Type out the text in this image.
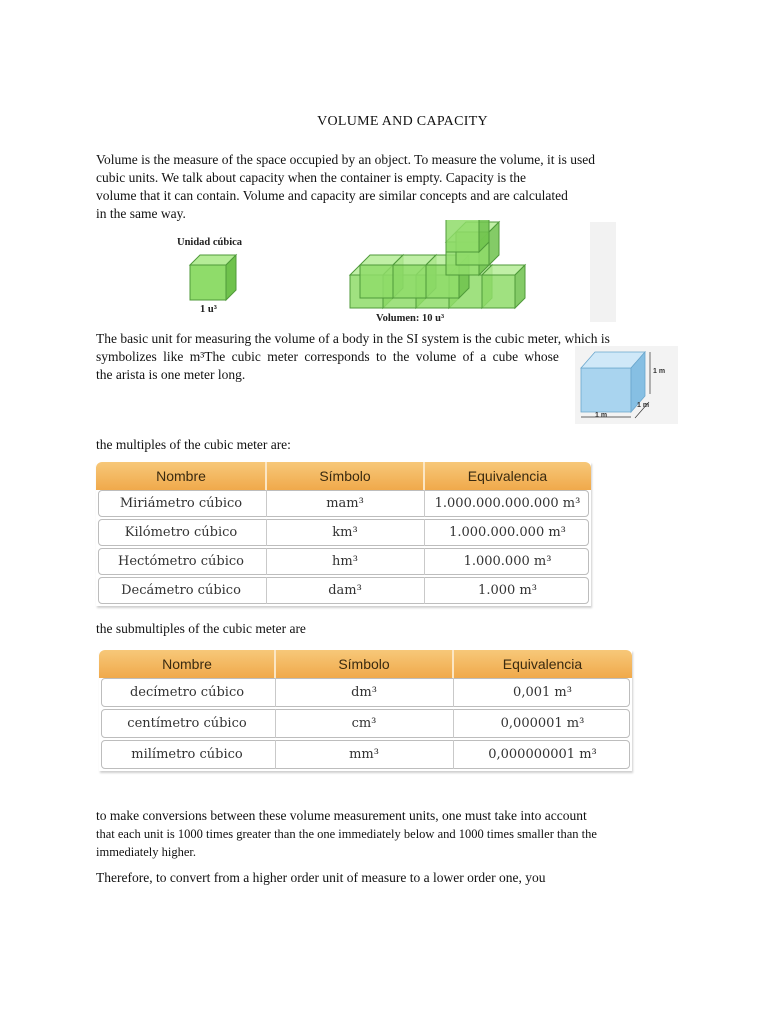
VOLUME AND CAPACITY

Volume is the measure of the space occupied by an object. To measure the volume, it is used

cubic units. We talk about capacity when the container is empty. Capacity is the

volume that it can contain. Volume and capacity are similar concepts and are calculated

in the same way.

Unidad cúbica
1 u³
Volumen: 10 u³

The basic unit for measuring the volume of a body in the SI system is the cubic meter, which is

symbolizes like m³The cubic meter corresponds to the volume of a cube whose

the arista is one meter long.	1 m
1 m
1 m

the multiples of the cubic meter are:

Nombre	Símbolo	Equivalencia
Miriámetro cúbico	mam³	1.000.000.000.000 m³
Kilómetro cúbico	km³	1.000.000.000 m³
Hectómetro cúbico	hm³	1.000.000 m³
Decámetro cúbico	dam³	1.000 m³

the submultiples of the cubic meter are

Nombre	Símbolo	Equivalencia
decímetro cúbico	dm³	0,001 m³
centímetro cúbico	cm³	0,000001 m³
milímetro cúbico	mm³	0,000000001 m³

to make conversions between these volume measurement units, one must take into account

that each unit is 1000 times greater than the one immediately below and 1000 times smaller than the

immediately higher.

Therefore, to convert from a higher order unit of measure to a lower order one, you
